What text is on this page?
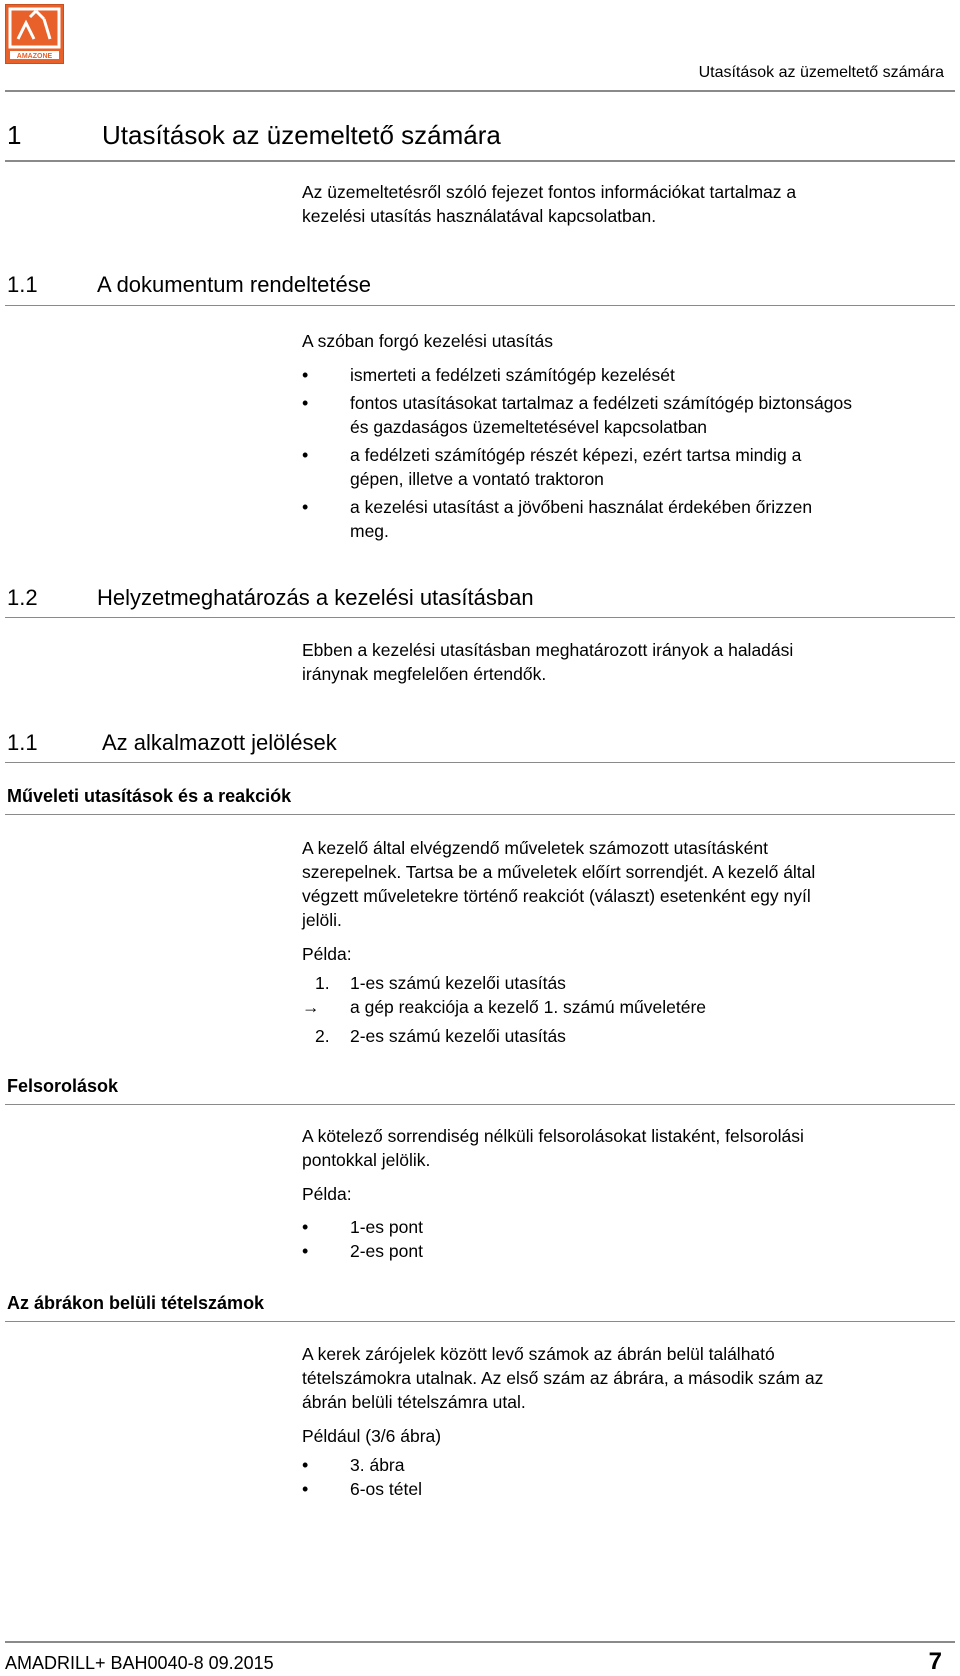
AMAZONE
Utasítások az üzemeltető számára
1	Utasítások az üzemeltető számára
Az üzemeltetésről szóló fejezet fontos információkat tartalmaz a
kezelési utasítás használatával kapcsolatban.
1.1	A dokumentum rendeltetése
A szóban forgó kezelési utasítás
• ismerteti a fedélzeti számítógép kezelését
• fontos utasításokat tartalmaz a fedélzeti számítógép biztonságos
és gazdaságos üzemeltetésével kapcsolatban
• a fedélzeti számítógép részét képezi, ezért tartsa mindig a
gépen, illetve a vontató traktoron
• a kezelési utasítást a jövőbeni használat érdekében őrizzen
meg.
1.2	Helyzetmeghatározás a kezelési utasításban
Ebben a kezelési utasításban meghatározott irányok a haladási
iránynak megfelelően értendők.
1.1	Az alkalmazott jelölések
Műveleti utasítások és a reakciók
A kezelő által elvégzendő műveletek számozott utasításként
szerepelnek. Tartsa be a műveletek előírt sorrendjét. A kezelő által
végzett műveletekre történő reakciót (választ) esetenként egy nyíl
jelöli.
Példa:
1. 1-es számú kezelői utasítás
→ a gép reakciója a kezelő 1. számú műveletére
2. 2-es számú kezelői utasítás
Felsorolások
A kötelező sorrendiség nélküli felsorolásokat listaként, felsorolási
pontokkal jelölik.
Példa:
• 1-es pont
• 2-es pont
Az ábrákon belüli tételszámok
A kerek zárójelek között levő számok az ábrán belül található
tételszámokra utalnak. Az első szám az ábrára, a második szám az
ábrán belüli tételszámra utal.
Például (3/6 ábra)
• 3. ábra
• 6-os tétel
AMADRILL+ BAH0040-8 09.2015	7
